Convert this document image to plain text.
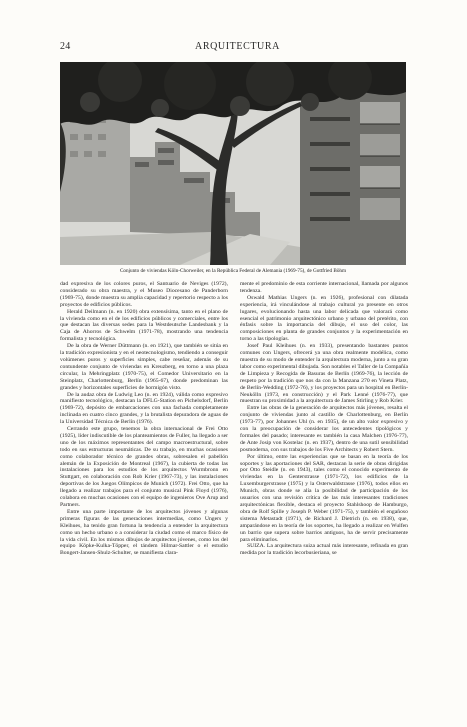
24	ARQUITECTURA
Conjunto de viviendas Köln-Chorweiler, en la República Federal de Alemania (1969-75), de Gottfried Böhm

dad expresiva de los colores puros, el Santuario de Neviges (1972), considerado su obra maestra, y el Museo Diocesano de Panderborn (1969-75), donde muestra su amplia capacidad y repertorio respecto a los proyectos de edificios públicos.

Herald Deilmann (n. en 1920) obra extensísima, tanto en el plano de la vivienda como en el de los edificios públicos y comerciales, entre los que destacan las diversas sedes para la Westdeutsche Landesbank y la Caja de Ahorros de Schwelm (1971-78), mostrando una tendencia formalista y tecnológica.

De la obra de Werner Düttmann (n. en 1921), que también se sitúa en la tradición expresionista y en el neotecnologismo, tendiendo a conseguir volúmenes puros y superficies simples, cabe reseñar, además de su contundente conjunto de viviendas en Kreuzberg, en torno a una plaza circular, la Mehringplatz (1970-75), el Comedor Universitario en la Steinplatz, Charlottenburg, Berlín (1965-67), donde predominan las grandes y horizontales superficies de hormigón visto.

De la audaz obra de Ludwig Leo (n. en 1924), válida como expresivo manifiesto tecnológico, destacan la DFLG-Station en Pichelsdorf, Berlín (1969-72), depósito de embarcaciones con una fachada completamente inclinada en cuatro cinco grandes, y la brutalista depuradora de aguas de la Universidad Técnica de Berlín (1976).

Cerrando este grupo, tenemos la obra internacional de Frei Otto (1925), líder indiscutible de los planteamientos de Fuller, ha llegado a ser uno de los máximos representantes del campo macroestructural, sobre todo en sus estructuras neumáticas. De su trabajo, en muchas ocasiones como colaborador técnico de grandes obras, sobresalen el pabellón alemán de la Exposición de Montreal (1967), la cubierta de todas las instalaciones para los estudios de los arquitectos Wurmbronn en Stuttgart, en colaboración con Rob Krier (1967-73), y las instalaciones deportivas de los Juegos Olímpicos de Munich (1972). Frei Otto, que ha llegado a realizar trabajos para el conjunto musical Pink Floyd (1976), colabora en muchas ocasiones con el equipo de ingenieros Ove Arup and Partners.

Entre una parte importante de los arquitectos jóvenes y algunas primeras figuras de las generaciones intermedias, como Ungers y Kleihues, ha tenido gran fortuna la tendencia a entender la arquitectura como un hecho urbano o a considerar la ciudad como el marco físico de la vida civil. En los mismos dibujos de arquitectos jóvenes, como los del equipo Köpke-Kulka-Töpper, el tándem Hilmar-Sattler o el estudio Bongert-Jansen-Shulz-Schulter, se manifiesta clara-

mente el predominio de esta corriente internacional, llamada por algunos tendenza.

Oswald Mathias Ungers (n. en 1926), profesional con dilatada experiencia, irá vinculándose al trabajo cultural ya presente en otros lugares, evolucionando hasta una labor delicada que valorará como esencial el patrimonio arquitectónico urbano y urbano del pretérito, con énfasis sobre la importancia del dibujo, el uso del color, las composiciones en planta de grandes conjuntos y la experimentación en torno a las tipologías.

Josef Paul Kleihues (n. en 1933), presentando bastantes puntos comunes con Ungers, ofrecerá ya una obra realmente modélica, como muestra de su modo de entender la arquitectura moderna, junto a su gran labor como experimental dibujada. Son notables el Taller de la Compañía de Limpieza y Recogida de Basuras de Berlín (1969-76), la lección de respeto por la tradición que nos da con la Manzana 270 en Vineta Platz, de Berlín-Wedding (1972-76), y los proyectos para un hospital en Berlín-Neukölln (1973, en construcción) y el Park Lenné (1976-77), que muestran su proximidad a la arquitectura de James Stirling y Rob Krier.

Entre las obras de la generación de arquitectos más jóvenes, resalta el conjunto de viviendas junto al castillo de Charlottenburg, en Berlín (1973-77), por Johannes Uhl (n. en 1935), de un alto valor expresivo y con la preocupación de considerar los antecedentes tipológicos y formales del pasado; interesante es también la casa Malchen (1976-77), de Ante Josip von Kostelac (n. en 1937), dentro de una sutil sensibilidad posmoderna, con sus trabajos de los Five Architects y Robert Stern.

Por último, entre las experiencias que se basan en la teoría de los soportes y las aportaciones del SAR, destacan la serie de obras dirigidas por Otto Steidle (n. en 1943), tales como el conocido experimento de viviendas en la Genterstrasse (1971-72), los edificios de la Luxemburgerstrasse (1975) y la Osterwaldstrasse (1976), todos ellos en Munich, obras donde se alía la posibilidad de participación de los usuarios con una revisión crítica de las más interesantes tradiciones arquitectónicas flexible, destaca el proyecto Stahlshoop de Hamburgo, obra de Rolf Spille y Joseph P. Weber (1971-75), y también el engañoso sistema Metastadt (1971), de Richard J. Dietrich (n. en 1938), que, amparándose en la teoría de los soportes, ha llegado a realizar en Wulfen un barrio que supera sobre barrios antiguos, ha de servir precisamente para eliminarlos.

SUIZA. La arquitectura suiza actual más interesante, refinada en gran medida por la tradición lecorbusieriana, se
